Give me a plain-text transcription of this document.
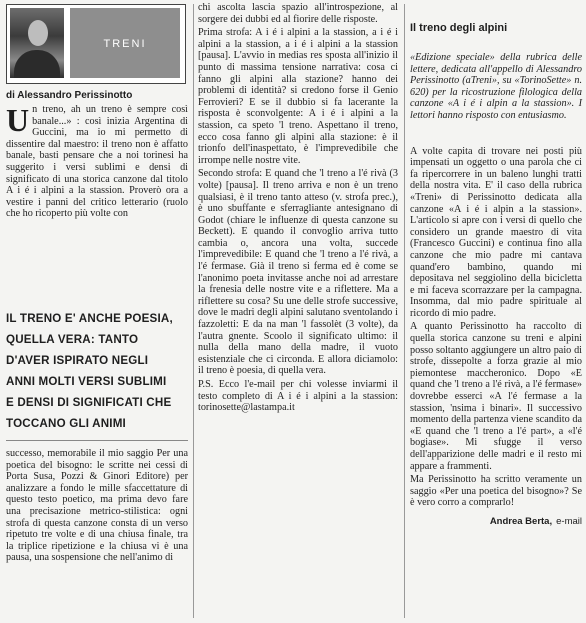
TRENI
di Alessandro Perissinotto

Un treno, ah un treno è sempre così banale...» : così inizia Argentina di Guccini, ma io mi permetto di dissentire dal maestro: il treno non è affatto banale, basti pensare che a noi torinesi ha suggerito i versi sublimi e densi di significato di una storica canzone dal titolo A i é i alpini a la stassion. Proverò ora a vestire i panni del critico letterario (ruolo che ho ricoperto più volte con

IL TRENO E' ANCHE POESIA,
QUELLA VERA: TANTO
D'AVER ISPIRATO NEGLI
ANNI MOLTI VERSI SUBLIMI
E DENSI DI SIGNIFICATI CHE
TOCCANO GLI ANIMI

successo, memorabile il mio saggio Per una poetica del bisogno: le scritte nei cessi di Porta Susa, Pozzi & Ginori Editore) per analizzare a fondo le mille sfaccettature di questo testo poetico, ma prima devo fare una precisazione metrico-stilistica: ogni strofa di questa canzone consta di un verso ripetuto tre volte e di una chiusa finale, tra la triplice ripetizione e la chiusa vi è una pausa, una sospensione che nell'animo di

chi ascolta lascia spazio all'introspezione, al sorgere dei dubbi ed al fiorire delle risposte.

Prima strofa: A i é i alpini a la stassion, a i é i alpini a la stassion, a i é i alpini a la stassion [pausa]. L'avvio in medias res sposta all'inizio il punto di massima tensione narrativa: cosa ci fanno gli alpini alla stazione? hanno dei problemi di identità? si credono forse il Genio Ferrovieri? E se il dubbio si fa lacerante la risposta è sconvolgente: A i é i alpini a la stassion, ca speto 'l treno. Aspettano il treno, ecco cosa fanno gli alpini alla stazione: è il trionfo dell'inaspettato, è l'imprevedibile che irrompe nelle nostre vite.

Secondo strofa: E quand che 'l treno a l'é rivà (3 volte) [pausa]. Il treno arriva e non è un treno qualsiasi, è il treno tanto atteso (v. strofa prec.), è uno sbuffante e sferragliante antesignano di Godot (chiare le influenze di questa canzone su Beckett). E quando il convoglio arriva tutto cambia o, ancora una volta, succede l'imprevedibile: E quand che 'l treno a l'é rivà, a l'é fermase. Già il treno si ferma ed è come se l'anonimo poeta invitasse anche noi ad arrestare la frenesia delle nostre vite e a riflettere. Ma a riflettere su cosa? Su une delle strofe successive, dove le madri degli alpini salutano sventolando i fazzoletti: E da na man 'l fassolèt (3 volte), da l'autra gnente. Scoolo il significato ultimo: il nulla della mano della madre, il vuoto esistenziale che ci circonda. E allora diciamolo: il treno è poesia, di quella vera.

P.S. Ecco l'e-mail per chi volesse inviarmi il testo completo di A i é i alpini a la stassion: torinosette@lastampa.it

Il treno degli alpini

«Edizione speciale» della rubrica delle lettere, dedicata all'appello di Alessandro Perissinotto (aTreni», su «TorinoSette» n. 620) per la ricostruzione filologica della canzone «A i é i alpin a la stassion». I lettori hanno risposto con entusiasmo.

A volte capita di trovare nei posti più impensati un oggetto o una parola che ci fa ripercorrere in un baleno lunghi tratti della nostra vita. E' il caso della rubrica «Treni» di Perissinotto dedicata alla canzone «A i é i alpin a la stassion». L'articolo si apre con i versi di quello che considero un grande maestro di vita (Francesco Guccini) e continua fino alla canzone che mio padre mi cantava quand'ero bambino, quando mi depositava nel seggiolino della bicicletta e mi faceva scorrazzare per la campagna. Insomma, dal mio padre spirituale al ricordo di mio padre.

A quanto Perissinotto ha raccolto di quella storica canzone su treni e alpini posso soltanto aggiungere un altro paio di strofe, dissepolte a forza grazie al mio piemontese maccheronico. Dopo «E quand che 'l treno a l'é rivà, a l'é fermase» dovrebbe esserci «A l'é fermase a la stassion, 'nsima i binari». Il successivo momento della partenza viene scandito da «E quand che 'l treno a l'é part», a «l'é bogiase». Mi sfugge il verso dell'apparizione delle madri e il resto mi appare a frammenti.

Ma Perissinotto ha scritto veramente un saggio «Per una poetica del bisogno»? Se è vero corro a comprarlo!

Andrea Berta, e-mail
